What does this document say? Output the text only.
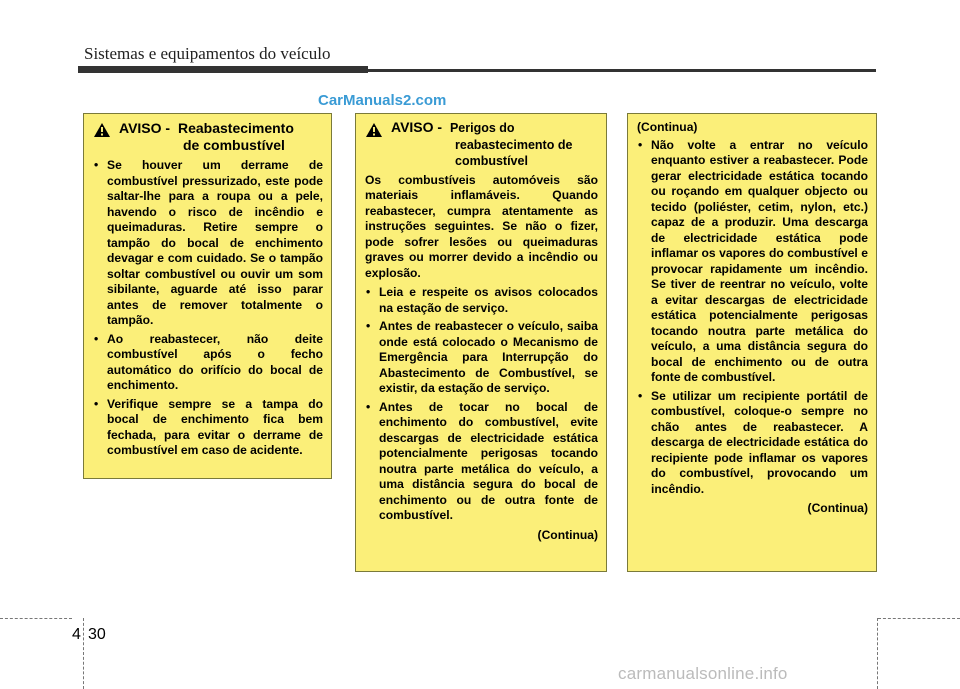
Sistemas e equipamentos do veículo
CarManuals2.com
AVISO - Reabastecimento
de combustível
• Se houver um derrame de combustível pressurizado, este pode saltar-lhe para a roupa ou a pele, havendo o risco de incêndio e queimaduras. Retire sempre o tampão do bocal de enchimento devagar e com cuidado. Se o tampão soltar combustível ou ouvir um som sibilante, aguarde até isso parar antes de remover totalmente o tampão.
• Ao reabastecer, não deite combustível após o fecho automático do orifício do bocal de enchimento.
• Verifique sempre se a tampa do bocal de enchimento fica bem fechada, para evitar o derrame de combustível em caso de acidente.
AVISO - Perigos do
reabastecimento de
combustível
Os combustíveis automóveis são materiais inflamáveis. Quando reabastecer, cumpra atentamente as instruções seguintes. Se não o fizer, pode sofrer lesões ou queimaduras graves ou morrer devido a incêndio ou explosão.
• Leia e respeite os avisos colocados na estação de serviço.
• Antes de reabastecer o veículo, saiba onde está colocado o Mecanismo de Emergência para Interrupção do Abastecimento de Combustível, se existir, da estação de serviço.
• Antes de tocar no bocal de enchimento do combustível, evite descargas de electricidade estática potencialmente perigosas tocando noutra parte metálica do veículo, a uma distância segura do bocal de enchimento ou de outra fonte de combustível.
(Continua)
(Continua)
• Não volte a entrar no veículo enquanto estiver a reabastecer. Pode gerar electricidade estática tocando ou roçando em qualquer objecto ou tecido (poliéster, cetim, nylon, etc.) capaz de a produzir. Uma descarga de electricidade estática pode inflamar os vapores do combustível e provocar rapidamente um incêndio. Se tiver de reentrar no veículo, volte a evitar descargas de electricidade estática potencialmente perigosas tocando noutra parte metálica do veículo, a uma distância segura do bocal de enchimento ou de outra fonte de combustível.
• Se utilizar um recipiente portátil de combustível, coloque-o sempre no chão antes de reabastecer. A descarga de electricidade estática do recipiente pode inflamar os vapores do combustível, provocando um incêndio.
(Continua)
4 30
carmanualsonline.info
